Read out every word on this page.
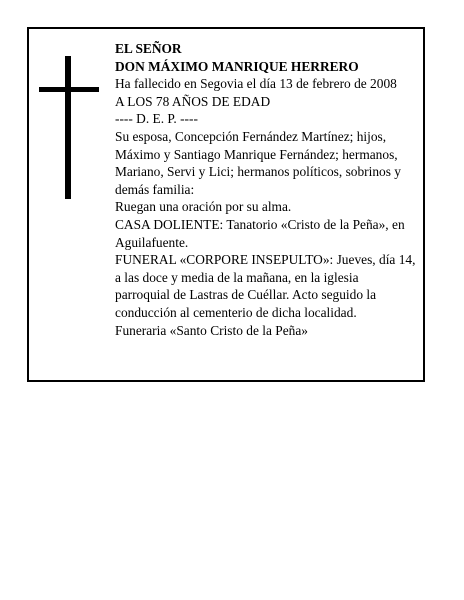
EL SEÑOR

DON MÁXIMO MANRIQUE HERRERO

Ha fallecido en Segovia el día 13 de febrero de 2008

A LOS 78 AÑOS DE EDAD

---- D. E. P. ----

Su esposa, Concepción Fernández Martínez; hijos,

Máximo y Santiago Manrique Fernández; hermanos,

Mariano, Servi y Lici; hermanos políticos, sobrinos y

demás familia:

Ruegan una oración por su alma.

CASA DOLIENTE: Tanatorio «Cristo de la Peña», en

Aguilafuente.

FUNERAL «CORPORE INSEPULTO»: Jueves, día 14,

a las doce y media de la mañana, en la iglesia

parroquial de Lastras de Cuéllar. Acto seguido la

conducción al cementerio de dicha localidad.

Funeraria «Santo Cristo de la Peña»
